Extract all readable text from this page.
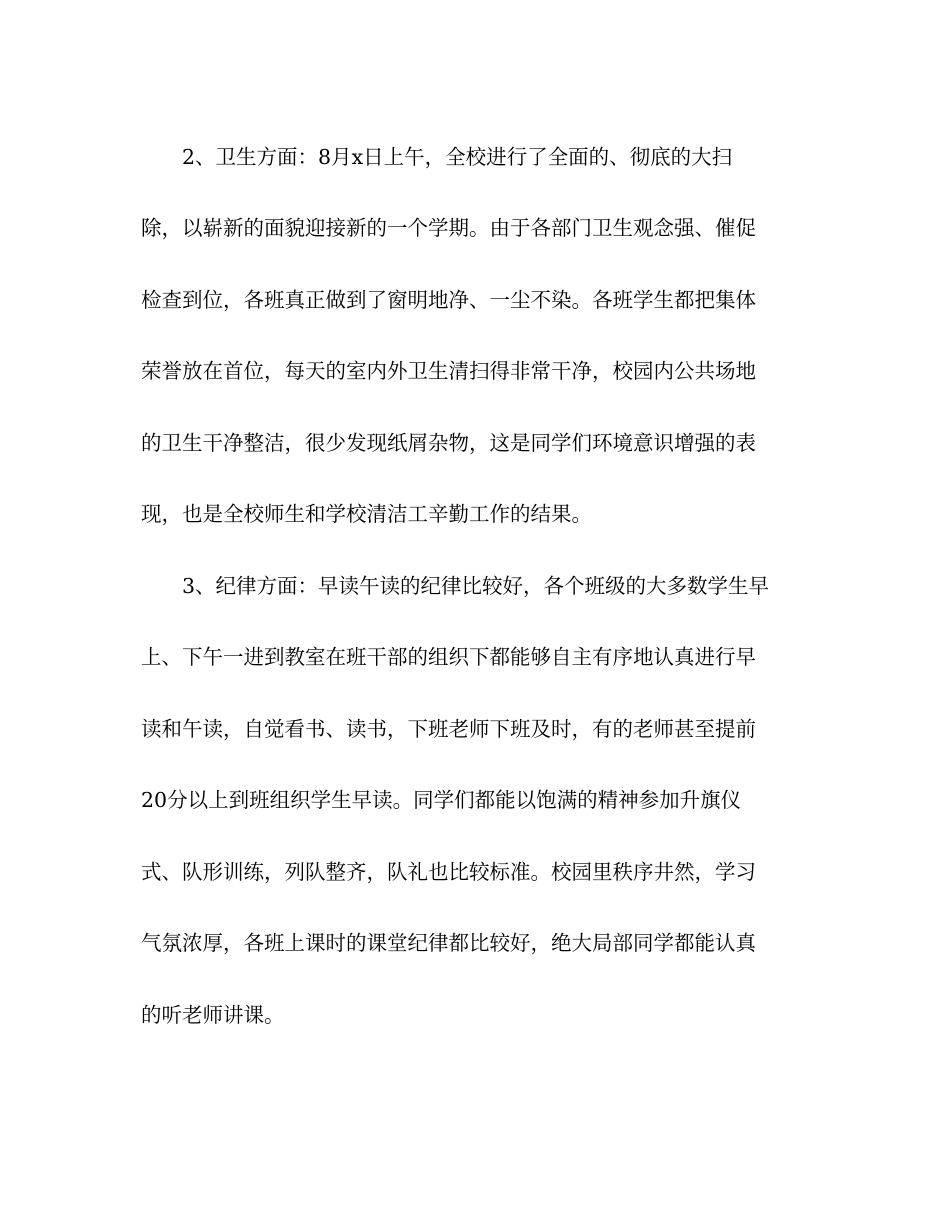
2、卫生方面：8月x日上午，全校进行了全面的、彻底的大扫
除，以崭新的面貌迎接新的一个学期。由于各部门卫生观念强、催促
检查到位，各班真正做到了窗明地净、一尘不染。各班学生都把集体
荣誉放在首位，每天的室内外卫生清扫得非常干净，校园内公共场地
的卫生干净整洁，很少发现纸屑杂物，这是同学们环境意识增强的表
现，也是全校师生和学校清洁工辛勤工作的结果。
3、纪律方面：早读午读的纪律比较好，各个班级的大多数学生早
上、下午一进到教室在班干部的组织下都能够自主有序地认真进行早
读和午读，自觉看书、读书，下班老师下班及时，有的老师甚至提前
20分以上到班组织学生早读。同学们都能以饱满的精神参加升旗仪
式、队形训练，列队整齐，队礼也比较标准。校园里秩序井然，学习
气氛浓厚，各班上课时的课堂纪律都比较好，绝大局部同学都能认真
的听老师讲课。
